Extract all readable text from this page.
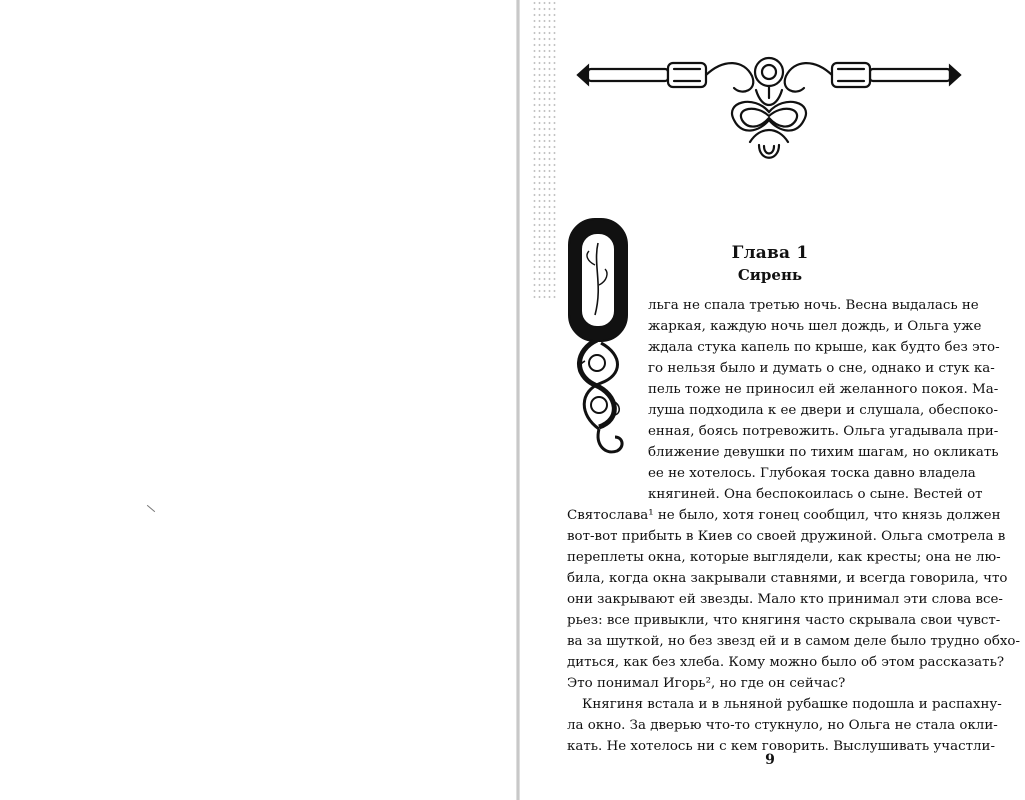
Глава 1
Сирень
льга не спала третью ночь. Весна выдалась не
жаркая, каждую ночь шел дождь, и Ольга уже
ждала стука капель по крыше, как будто без это-
го нельзя было и думать о сне, однако и стук ка-
пель тоже не приносил ей желанного покоя. Ма-
луша подходила к ее двери и слушала, обеспоко-
енная, боясь потревожить. Ольга угадывала при-
ближение девушки по тихим шагам, но окликать
ее не хотелось. Глубокая тоска давно владела
княгиней. Она беспокоилась о сыне. Вестей от
Святослава¹ не было, хотя гонец сообщил, что князь должен
вот-вот прибыть в Киев со своей дружиной. Ольга смотрела в
переплеты окна, которые выглядели, как кресты; она не лю-
била, когда окна закрывали ставнями, и всегда говорила, что
они закрывают ей звезды. Мало кто принимал эти слова все-
рьез: все привыкли, что княгиня часто скрывала свои чувст-
ва за шуткой, но без звезд ей и в самом деле было трудно обхо-
диться, как без хлеба. Кому можно было об этом рассказать?
Это понимал Игорь², но где он сейчас?
Княгиня встала и в льняной рубашке подошла и распахну-
ла окно. За дверью что-то стукнуло, но Ольга не стала окли-
кать. Не хотелось ни с кем говорить. Выслушивать участли-
9
